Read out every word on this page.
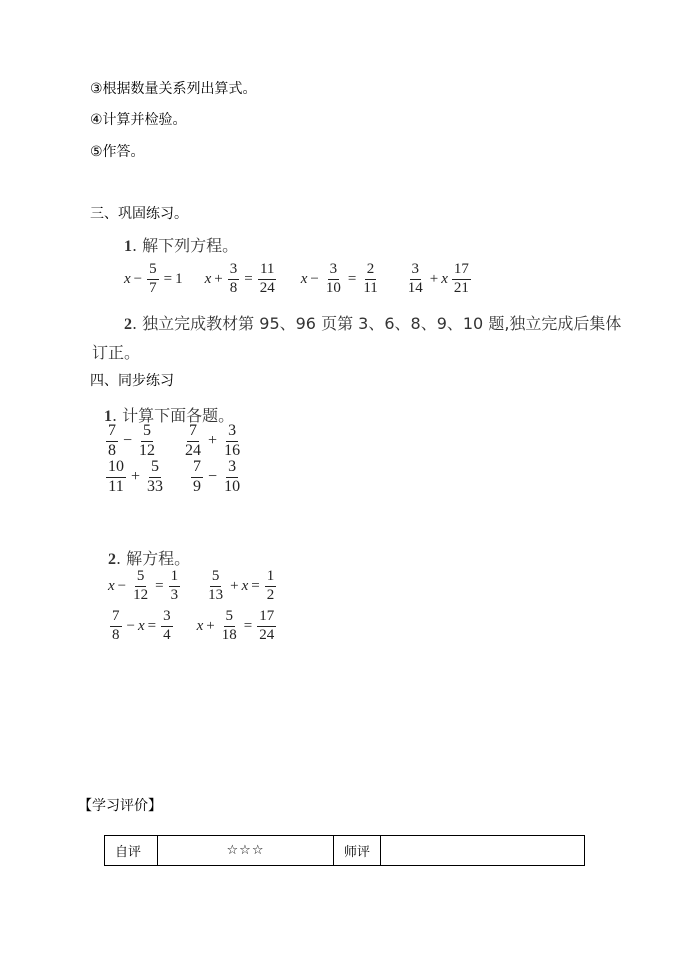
③根据数量关系列出算式。
④计算并检验。
⑤作答。
三、巩固练习。
1. 解下列方程。
$x - \frac{5}{7} = 1$ $x + \frac{3}{8} = \frac{11}{24}$ $x - \frac{3}{10} = \frac{2}{11} \frac{3}{14} + x \frac{17}{21}$
2. 独立完成教材第 95、96 页第 3、6、8、9、10 题,独立完成后集体
订正。
四、同步练习
1. 计算下面各题。
$\frac{7}{8} - \frac{5}{12} \frac{7}{24} + \frac{3}{16}$
$\frac{10}{11} + \frac{5}{33} \frac{7}{9} - \frac{3}{10}$
2. 解方程。
$x - \frac{5}{12} = \frac{1}{3} \frac{5}{13} + x = \frac{1}{2}$
$\frac{7}{8} - x = \frac{3}{4}$ $x + \frac{5}{18} = \frac{17}{24}$
【学习评价】
自评	☆☆☆	师评	
